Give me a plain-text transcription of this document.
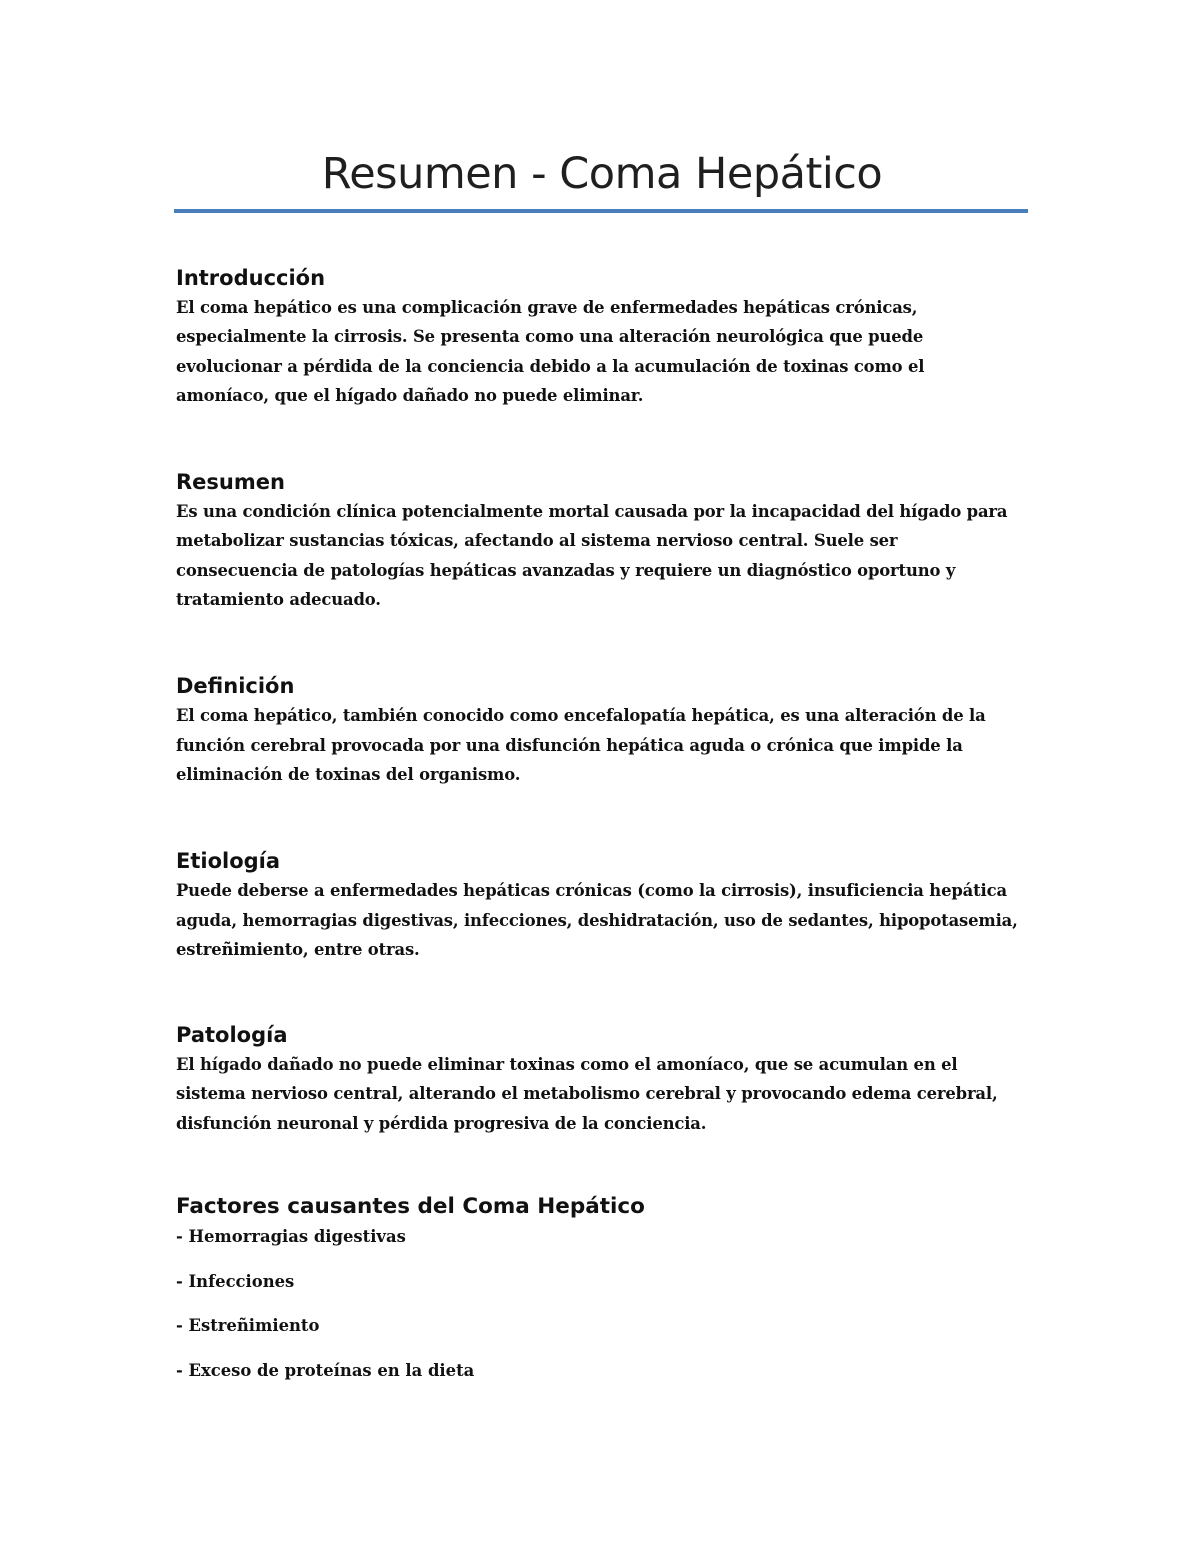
Resumen - Coma Hepático
Introducción

El coma hepático es una complicación grave de enfermedades hepáticas crónicas,
especialmente la cirrosis. Se presenta como una alteración neurológica que puede
evolucionar a pérdida de la conciencia debido a la acumulación de toxinas como el
amoníaco, que el hígado dañado no puede eliminar.

Resumen

Es una condición clínica potencialmente mortal causada por la incapacidad del hígado para
metabolizar sustancias tóxicas, afectando al sistema nervioso central. Suele ser
consecuencia de patologías hepáticas avanzadas y requiere un diagnóstico oportuno y
tratamiento adecuado.

Definición

El coma hepático, también conocido como encefalopatía hepática, es una alteración de la
función cerebral provocada por una disfunción hepática aguda o crónica que impide la
eliminación de toxinas del organismo.

Etiología

Puede deberse a enfermedades hepáticas crónicas (como la cirrosis), insuficiencia hepática
aguda, hemorragias digestivas, infecciones, deshidratación, uso de sedantes, hipopotasemia,
estreñimiento, entre otras.

Patología

El hígado dañado no puede eliminar toxinas como el amoníaco, que se acumulan en el
sistema nervioso central, alterando el metabolismo cerebral y provocando edema cerebral,
disfunción neuronal y pérdida progresiva de la conciencia.

Factores causantes del Coma Hepático
- Hemorragias digestivas
- Infecciones
- Estreñimiento
- Exceso de proteínas en la dieta
